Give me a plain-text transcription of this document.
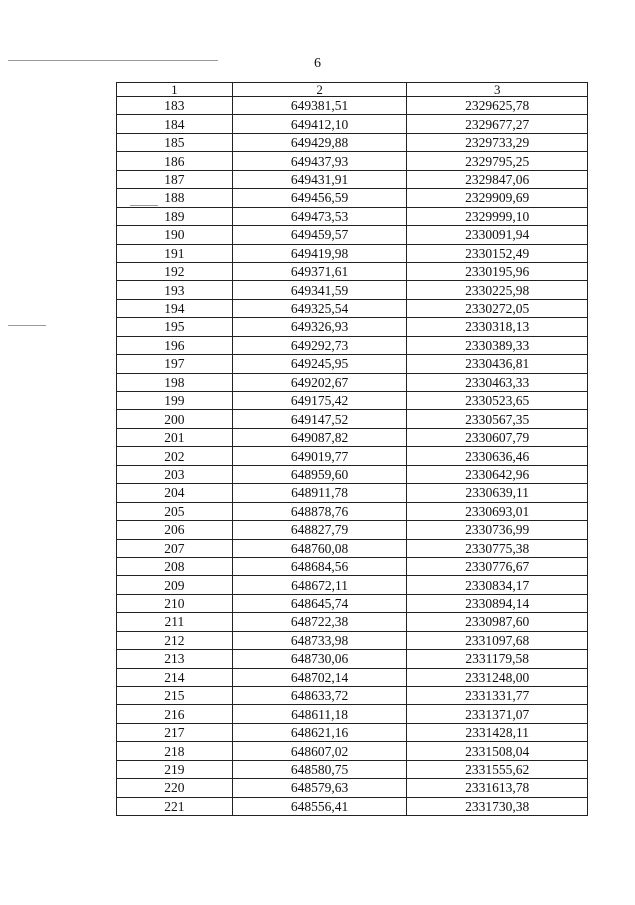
6
1	2	3
183	649381,51	2329625,78
184	649412,10	2329677,27
185	649429,88	2329733,29
186	649437,93	2329795,25
187	649431,91	2329847,06
188	649456,59	2329909,69
189	649473,53	2329999,10
190	649459,57	2330091,94
191	649419,98	2330152,49
192	649371,61	2330195,96
193	649341,59	2330225,98
194	649325,54	2330272,05
195	649326,93	2330318,13
196	649292,73	2330389,33
197	649245,95	2330436,81
198	649202,67	2330463,33
199	649175,42	2330523,65
200	649147,52	2330567,35
201	649087,82	2330607,79
202	649019,77	2330636,46
203	648959,60	2330642,96
204	648911,78	2330639,11
205	648878,76	2330693,01
206	648827,79	2330736,99
207	648760,08	2330775,38
208	648684,56	2330776,67
209	648672,11	2330834,17
210	648645,74	2330894,14
211	648722,38	2330987,60
212	648733,98	2331097,68
213	648730,06	2331179,58
214	648702,14	2331248,00
215	648633,72	2331331,77
216	648611,18	2331371,07
217	648621,16	2331428,11
218	648607,02	2331508,04
219	648580,75	2331555,62
220	648579,63	2331613,78
221	648556,41	2331730,38
